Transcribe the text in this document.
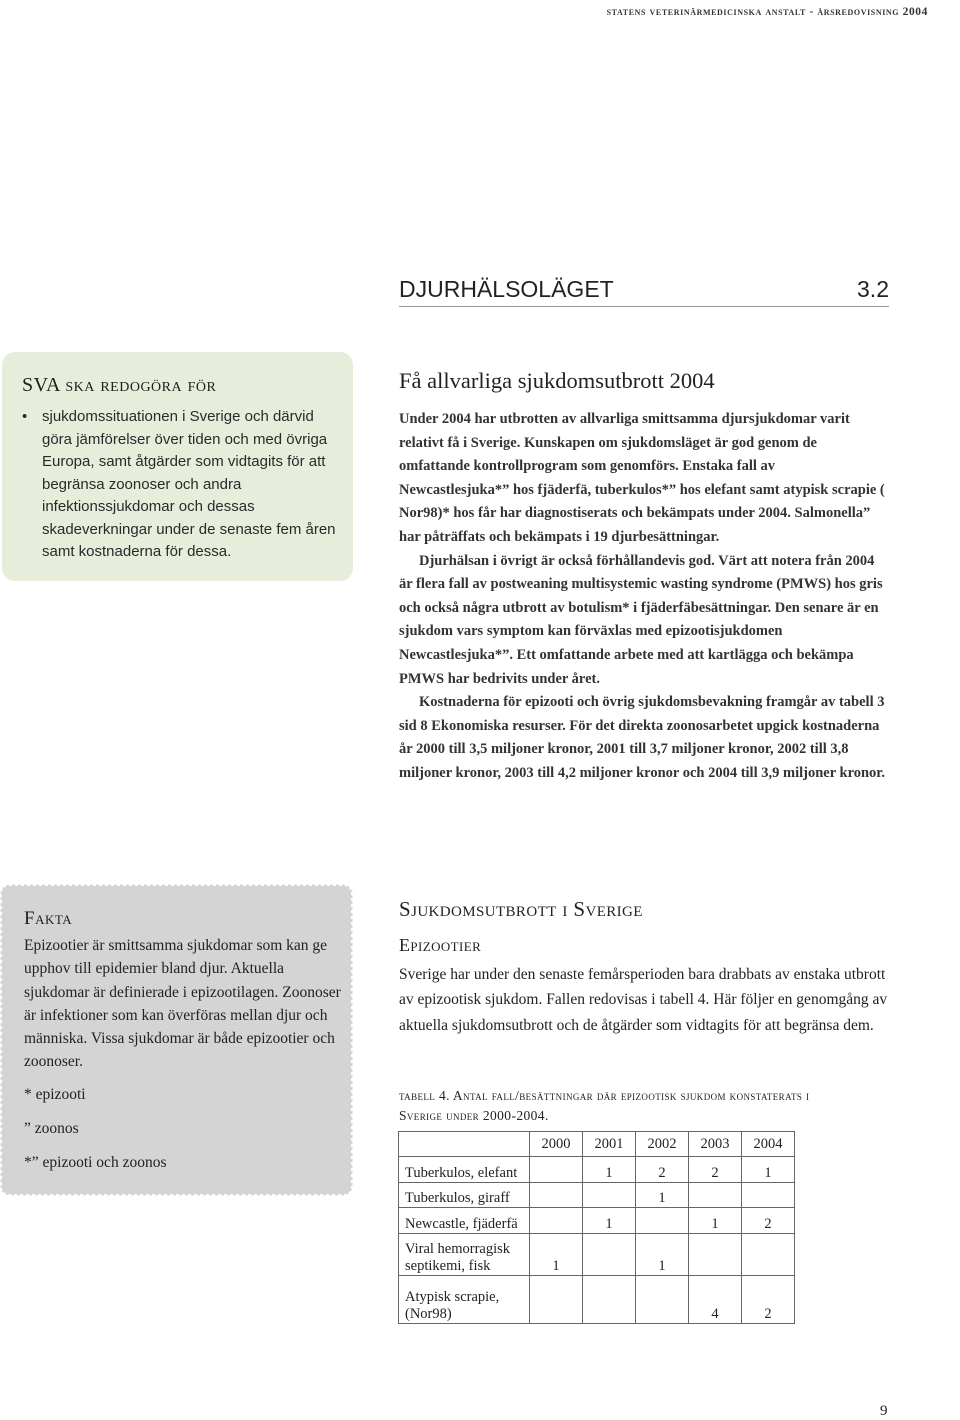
statens veterinärmedicinska anstalt - årsredovisning 2004
DJURHÄLSOLÄGET	3.2
SVA ska redogöra för
• sjukdomssituationen i Sverige och därvid göra jämförelser över tiden och med övriga Europa, samt åtgärder som vidtagits för att begränsa zoonoser och andra infektionssjukdomar och dessas skadeverkningar under de senaste fem åren samt kostnaderna för dessa.
Få allvarliga sjukdomsutbrott 2004

Under 2004 har utbrotten av allvarliga smittsamma djursjukdomar varit relativt få i Sverige. Kunskapen om sjukdomsläget är god genom de omfattande kontrollprogram som genomförs. Enstaka fall av Newcastlesjuka*” hos fjäderfä, tuberkulos*” hos elefant samt atypisk scrapie ( Nor98)* hos får har diagnostiserats och bekämpats under 2004. Salmonella” har påträffats och bekämpats i 19 djurbesättningar.

Djurhälsan i övrigt är också förhållandevis god. Värt att notera från 2004 är flera fall av postweaning multisystemic wasting syndrome (PMWS) hos gris och också några utbrott av botulism* i fjäderfäbesättningar. Den senare är en sjukdom vars symptom kan förväxlas med epizootisjukdomen Newcastlesjuka*”. Ett omfattande arbete med att kartlägga och bekämpa PMWS har bedrivits under året.

Kostnaderna för epizooti och övrig sjukdomsbevakning framgår av tabell 3 sid 8 Ekonomiska resurser. För det direkta zoonosarbetet upgick kostnaderna år 2000 till 3,5 miljoner kronor, 2001 till 3,7 miljoner kronor, 2002 till 3,8 miljoner kronor, 2003 till 4,2 miljoner kronor och 2004 till 3,9 miljoner kronor.

Fakta
Epizootier är smittsamma sjukdomar som kan ge upphov till epidemier bland djur. Aktuella sjukdomar är definierade i epizootilagen. Zoonoser är infektioner som kan överföras mellan djur och människa. Vissa sjukdomar är både epizootier och zoonoser.
* epizooti
” zoonos
*” epizooti och zoonos
Sjukdomsutbrott i Sverige
Epizootier
Sverige har under den senaste femårsperioden bara drabbats av enstaka utbrott av epizootisk sjukdom. Fallen redovisas i tabell 4. Här följer en genomgång av aktuella sjukdomsutbrott och de åtgärder som vidtagits för att begränsa dem.
tabell 4. Antal fall/besättningar där epizootisk sjukdom konstaterats i Sverige under 2000-2004.
	2000	2001	2002	2003	2004
Tuberkulos, elefant		1	2	2	1
Tuberkulos, giraff			1		
Newcastle, fjäderfä		1		1	2
Viral hemorragisk septikemi, fisk	1		1		
Atypisk scrapie, (Nor98)				4	2
9
